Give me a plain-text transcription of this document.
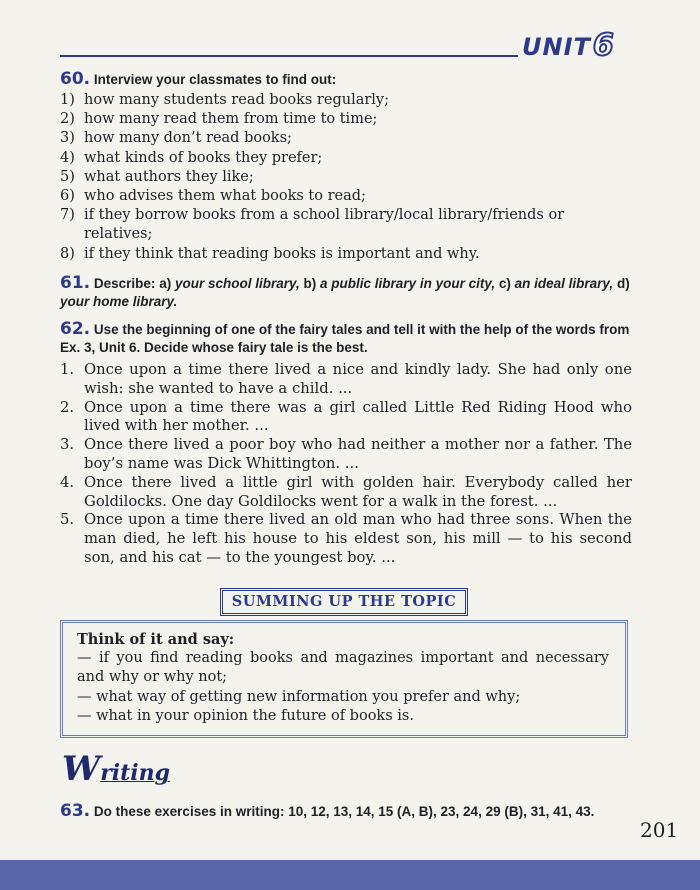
UNIT6
60. Interview your classmates to find out:
1) how many students read books regularly;
2) how many read them from time to time;
3) how many don’t read books;
4) what kinds of books they prefer;
5) what authors they like;
6) who advises them what books to read;
7) if they borrow books from a school library/local library/friends or relatives;
8) if they think that reading books is important and why.
61. Describe: a) your school library, b) a public library in your city, c) an ideal library, d) your home library.
62. Use the beginning of one of the fairy tales and tell it with the help of the words from Ex. 3, Unit 6. Decide whose fairy tale is the best.
1. Once upon a time there lived a nice and kindly lady. She had only one wish: she wanted to have a child. ...
2. Once upon a time there was a girl called Little Red Riding Hood who lived with her mother. ...
3. Once there lived a poor boy who had neither a mother nor a father. The boy’s name was Dick Whittington. ...
4. Once there lived a little girl with golden hair. Everybody called her Goldilocks. One day Goldilocks went for a walk in the forest. ...
5. Once upon a time there lived an old man who had three sons. When the man died, he left his house to his eldest son, his mill — to his second son, and his cat — to the youngest boy. ...
SUMMING UP THE TOPIC
Think of it and say:
— if you find reading books and magazines important and necessary and why or why not;
— what way of getting new information you prefer and why;
— what in your opinion the future of books is.
Writing
63. Do these exercises in writing: 10, 12, 13, 14, 15 (A, B), 23, 24, 29 (B), 31, 41, 43.
201
